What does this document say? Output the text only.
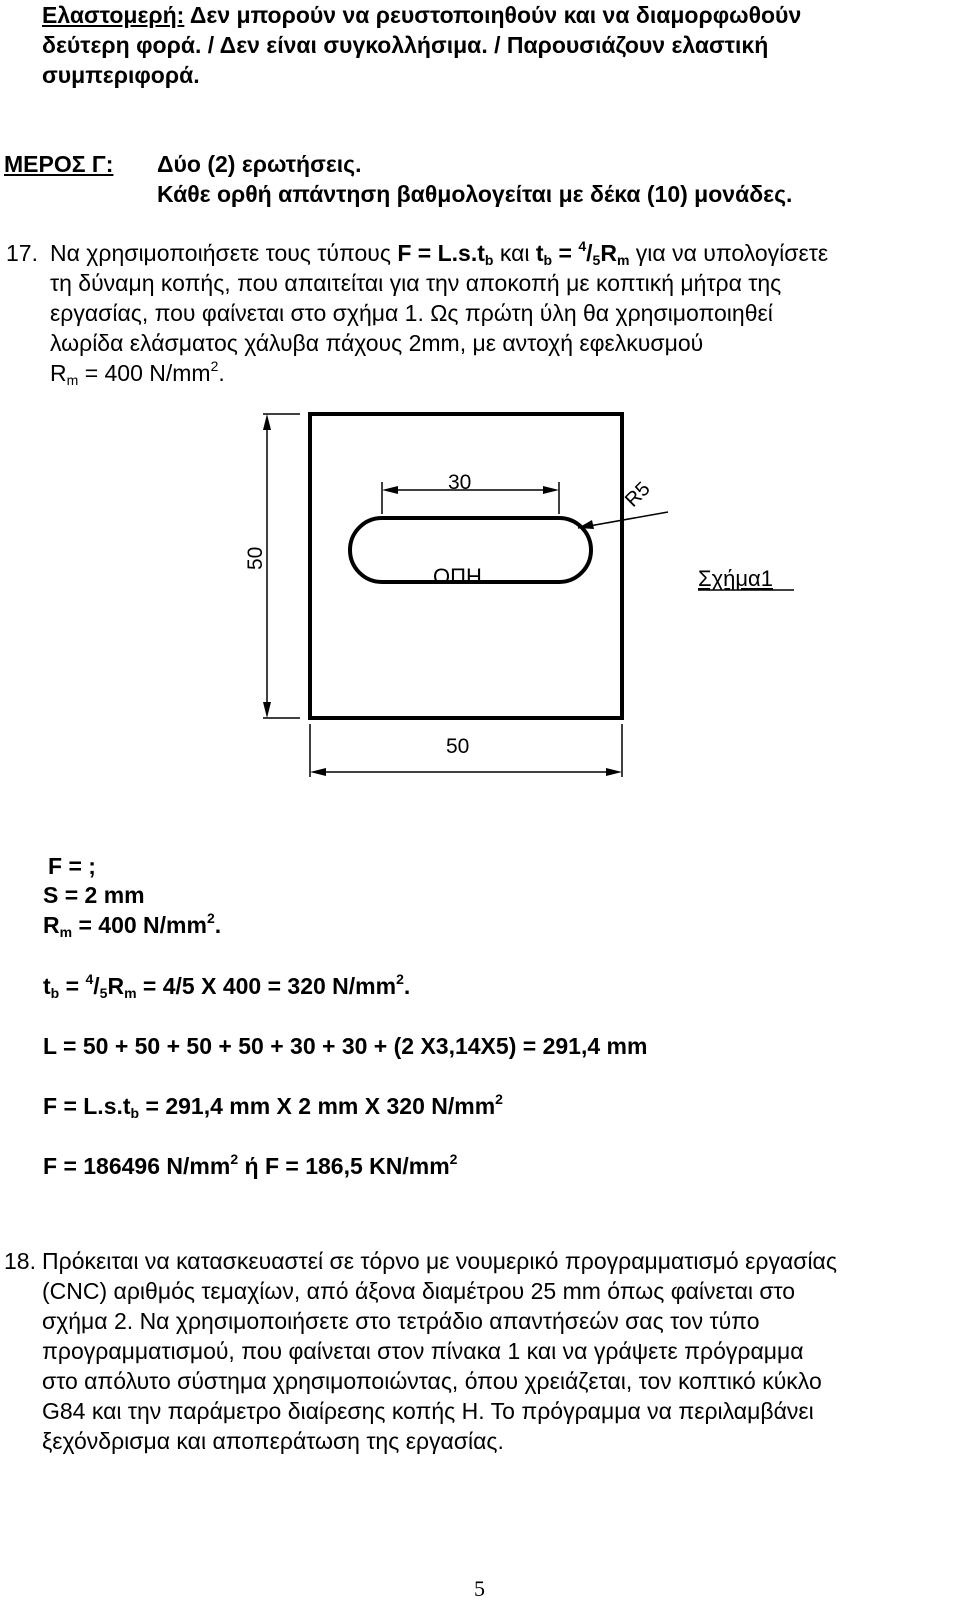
Ελαστομερή: Δεν μπορούν να ρευστοποιηθούν και να διαμορφωθούν
δεύτερη φορά. / Δεν είναι συγκολλήσιμα. / Παρουσιάζουν ελαστική
συμπεριφορά.
ΜΕΡΟΣ Γ: Δύο (2) ερωτήσεις.
Κάθε ορθή απάντηση βαθμολογείται με δέκα (10) μονάδες.
17. Να χρησιμοποιήσετε τους τύπους $F = L.s.t_b$ και $t_b = ^4/_5R_m$ για να υπολογίσετε
τη δύναμη κοπής, που απαιτείται για την αποκοπή με κοπτική μήτρα της
εργασίας, που φαίνεται στο σχήμα 1. Ως πρώτη ύλη θα χρησιμοποιηθεί
λωρίδα ελάσματος χάλυβα πάχους 2mm, με αντοχή εφελκυσμού
$R_m = 400$ $N/mm^2$.
30	R5
50
50
ΟΠΗ	Σχήμα1
F = ;
S = 2 mm
$R_m = 400$ $N/mm^2$.
$t_b = ^4/_5R_m = 4/5$ X 400 = 320 $N/mm^2$.
L = 50 + 50 + 50 + 50 + 30 + 30 + (2 X3,14X5) = 291,4 mm
$F = L.s.t_b = 291,4$ mm X 2 mm X 320 $N/mm^2$
F = 186496 $N/mm^2$ ή F = 186,5 $KN/mm^2$
18. Πρόκειται να κατασκευαστεί σε τόρνο με νουμερικό προγραμματισμό εργασίας
(CNC) αριθμός τεμαχίων, από άξονα διαμέτρου 25 mm όπως φαίνεται στο
σχήμα 2. Να χρησιμοποιήσετε στο τετράδιο απαντήσεών σας τον τύπο
προγραμματισμού, που φαίνεται στον πίνακα 1 και να γράψετε πρόγραμμα
στο απόλυτο σύστημα χρησιμοποιώντας, όπου χρειάζεται, τον κοπτικό κύκλο
G84 και την παράμετρο διαίρεσης κοπής Η. Το πρόγραμμα να περιλαμβάνει
ξεχόνδρισμα και αποπεράτωση της εργασίας.
5
